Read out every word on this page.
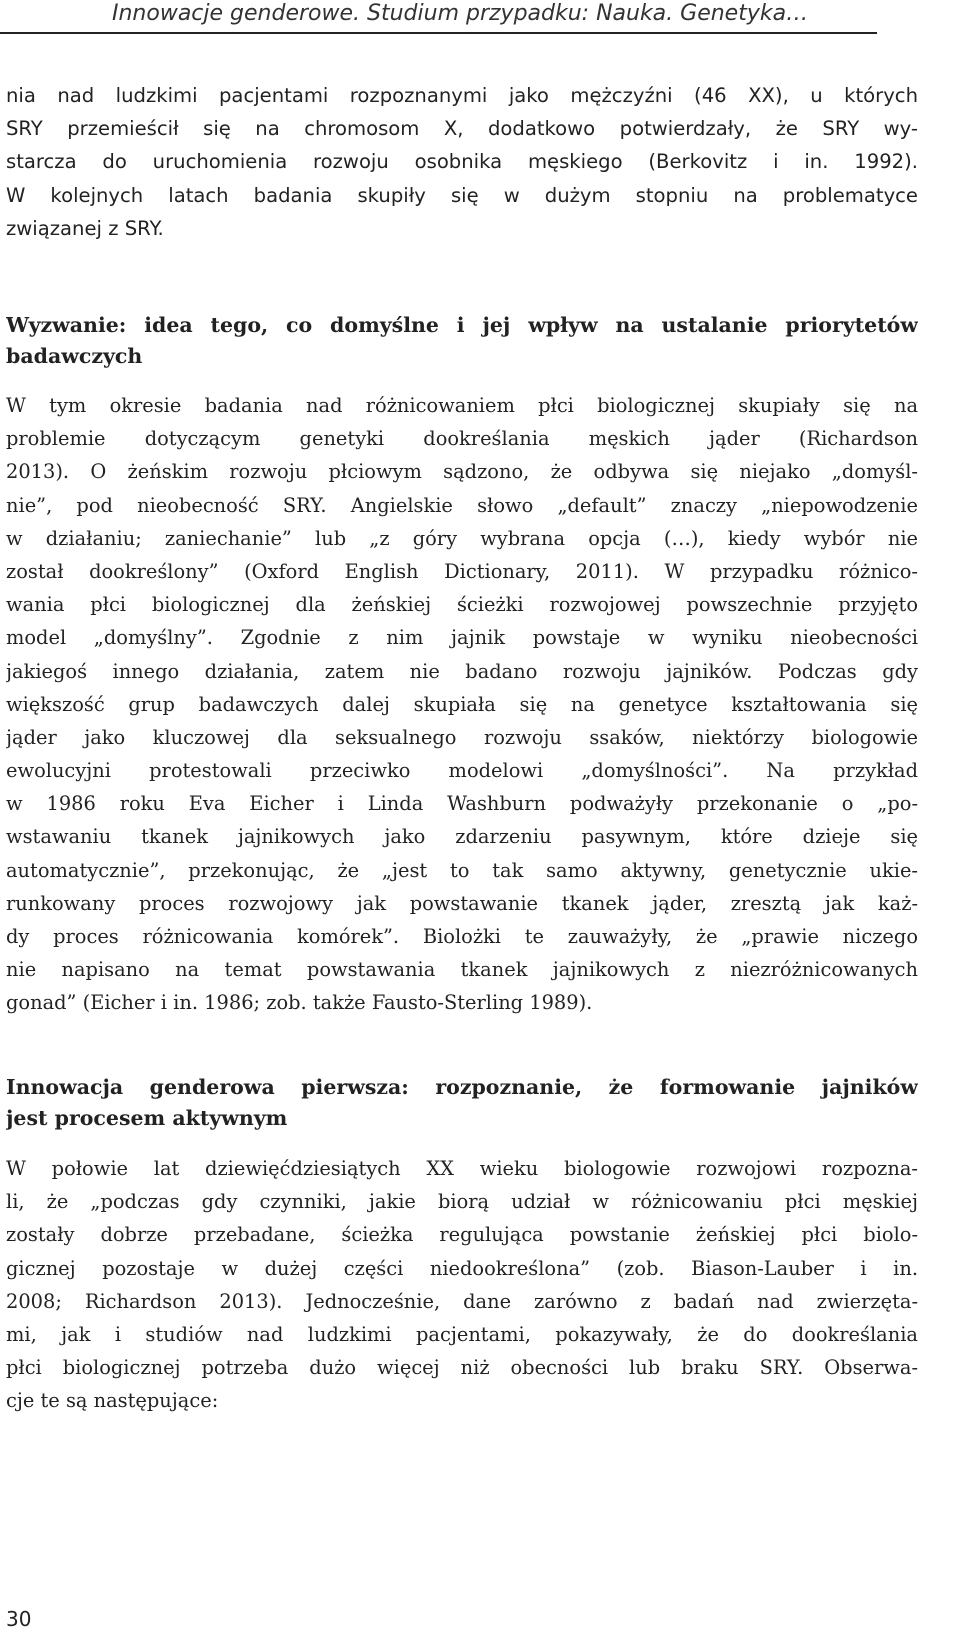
Innowacje genderowe. Studium przypadku: Nauka. Genetyka…
nia nad ludzkimi pacjentami rozpoznanymi jako mężczyźni (46 XX), u których
SRY przemieścił się na chromosom X, dodatkowo potwierdzały, że SRY wy-
starcza do uruchomienia rozwoju osobnika męskiego (Berkovitz i in. 1992).
W kolejnych latach badania skupiły się w dużym stopniu na problematyce
związanej z SRY.
Wyzwanie: idea tego, co domyślne i jej wpływ na ustalanie priorytetów
badawczych
W tym okresie badania nad różnicowaniem płci biologicznej skupiały się na
problemie dotyczącym genetyki dookreślania męskich jąder (Richardson
2013). O żeńskim rozwoju płciowym sądzono, że odbywa się niejako „domyśl-
nie”, pod nieobecność SRY. Angielskie słowo „default” znaczy „niepowodzenie
w działaniu; zaniechanie” lub „z góry wybrana opcja (…), kiedy wybór nie
został dookreślony” (Oxford English Dictionary, 2011). W przypadku różnico-
wania płci biologicznej dla żeńskiej ścieżki rozwojowej powszechnie przyjęto
model „domyślny”. Zgodnie z nim jajnik powstaje w wyniku nieobecności
jakiegoś innego działania, zatem nie badano rozwoju jajników. Podczas gdy
większość grup badawczych dalej skupiała się na genetyce kształtowania się
jąder jako kluczowej dla seksualnego rozwoju ssaków, niektórzy biologowie
ewolucyjni protestowali przeciwko modelowi „domyślności”. Na przykład
w 1986 roku Eva Eicher i Linda Washburn podważyły przekonanie o „po-
wstawaniu tkanek jajnikowych jako zdarzeniu pasywnym, które dzieje się
automatycznie”, przekonując, że „jest to tak samo aktywny, genetycznie ukie-
runkowany proces rozwojowy jak powstawanie tkanek jąder, zresztą jak każ-
dy proces różnicowania komórek”. Biolożki te zauważyły, że „prawie niczego
nie napisano na temat powstawania tkanek jajnikowych z niezróżnicowanych
gonad” (Eicher i in. 1986; zob. także Fausto-Sterling 1989).
Innowacja genderowa pierwsza: rozpoznanie, że formowanie jajników
jest procesem aktywnym
W połowie lat dziewięćdziesiątych XX wieku biologowie rozwojowi rozpozna-
li, że „podczas gdy czynniki, jakie biorą udział w różnicowaniu płci męskiej
zostały dobrze przebadane, ścieżka regulująca powstanie żeńskiej płci biolo-
gicznej pozostaje w dużej części niedookreślona” (zob. Biason-Lauber i in.
2008; Richardson 2013). Jednocześnie, dane zarówno z badań nad zwierzęta-
mi, jak i studiów nad ludzkimi pacjentami, pokazywały, że do dookreślania
płci biologicznej potrzeba dużo więcej niż obecności lub braku SRY. Obserwa-
cje te są następujące:
30
